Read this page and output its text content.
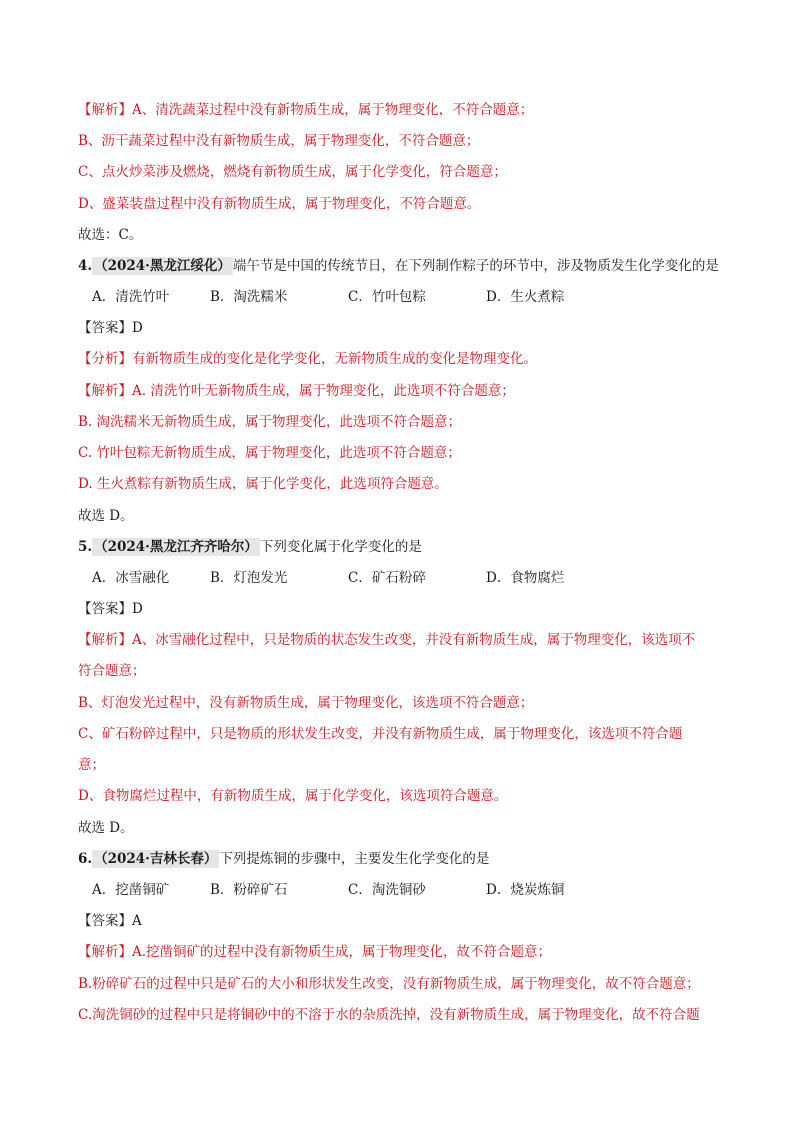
【解析】A、清洗蔬菜过程中没有新物质生成，属于物理变化，不符合题意；
B、沥干蔬菜过程中没有新物质生成，属于物理变化，不符合题意；
C、点火炒菜涉及燃烧，燃烧有新物质生成，属于化学变化，符合题意；
D、盛菜装盘过程中没有新物质生成，属于物理变化，不符合题意。
故选：C。
4. （2024·黑龙江绥化） 端午节是中国的传统节日，在下列制作粽子的环节中，涉及物质发生化学变化的是
A．清洗竹叶	B．淘洗糯米	C．竹叶包粽	D．生火煮粽
【答案】D
【分析】有新物质生成的变化是化学变化，无新物质生成的变化是物理变化。
【解析】A. 清洗竹叶无新物质生成，属于物理变化，此选项不符合题意；
B. 淘洗糯米无新物质生成，属于物理变化，此选项不符合题意；
C. 竹叶包粽无新物质生成，属于物理变化，此选项不符合题意；
D. 生火煮粽有新物质生成，属于化学变化，此选项符合题意。
故选 D。
5. （2024·黑龙江齐齐哈尔） 下列变化属于化学变化的是
A．冰雪融化	B．灯泡发光	C．矿石粉碎	D．食物腐烂
【答案】D
【解析】A、冰雪融化过程中，只是物质的状态发生改变，并没有新物质生成，属于物理变化，该选项不
符合题意；
B、灯泡发光过程中，没有新物质生成，属于物理变化，该选项不符合题意；
C、矿石粉碎过程中，只是物质的形状发生改变，并没有新物质生成，属于物理变化，该选项不符合题
意；
D、食物腐烂过程中，有新物质生成，属于化学变化，该选项符合题意。
故选 D。
6. （2024·吉林长春） 下列提炼铜的步骤中，主要发生化学变化的是
A．挖凿铜矿	B．粉碎矿石	C．淘洗铜砂	D．烧炭炼铜
【答案】A
【解析】A.挖凿铜矿的过程中没有新物质生成，属于物理变化，故不符合题意；
B.粉碎矿石的过程中只是矿石的大小和形状发生改变，没有新物质生成，属于物理变化，故不符合题意；
C.淘洗铜砂的过程中只是将铜砂中的不溶于水的杂质洗掉，没有新物质生成，属于物理变化，故不符合题
